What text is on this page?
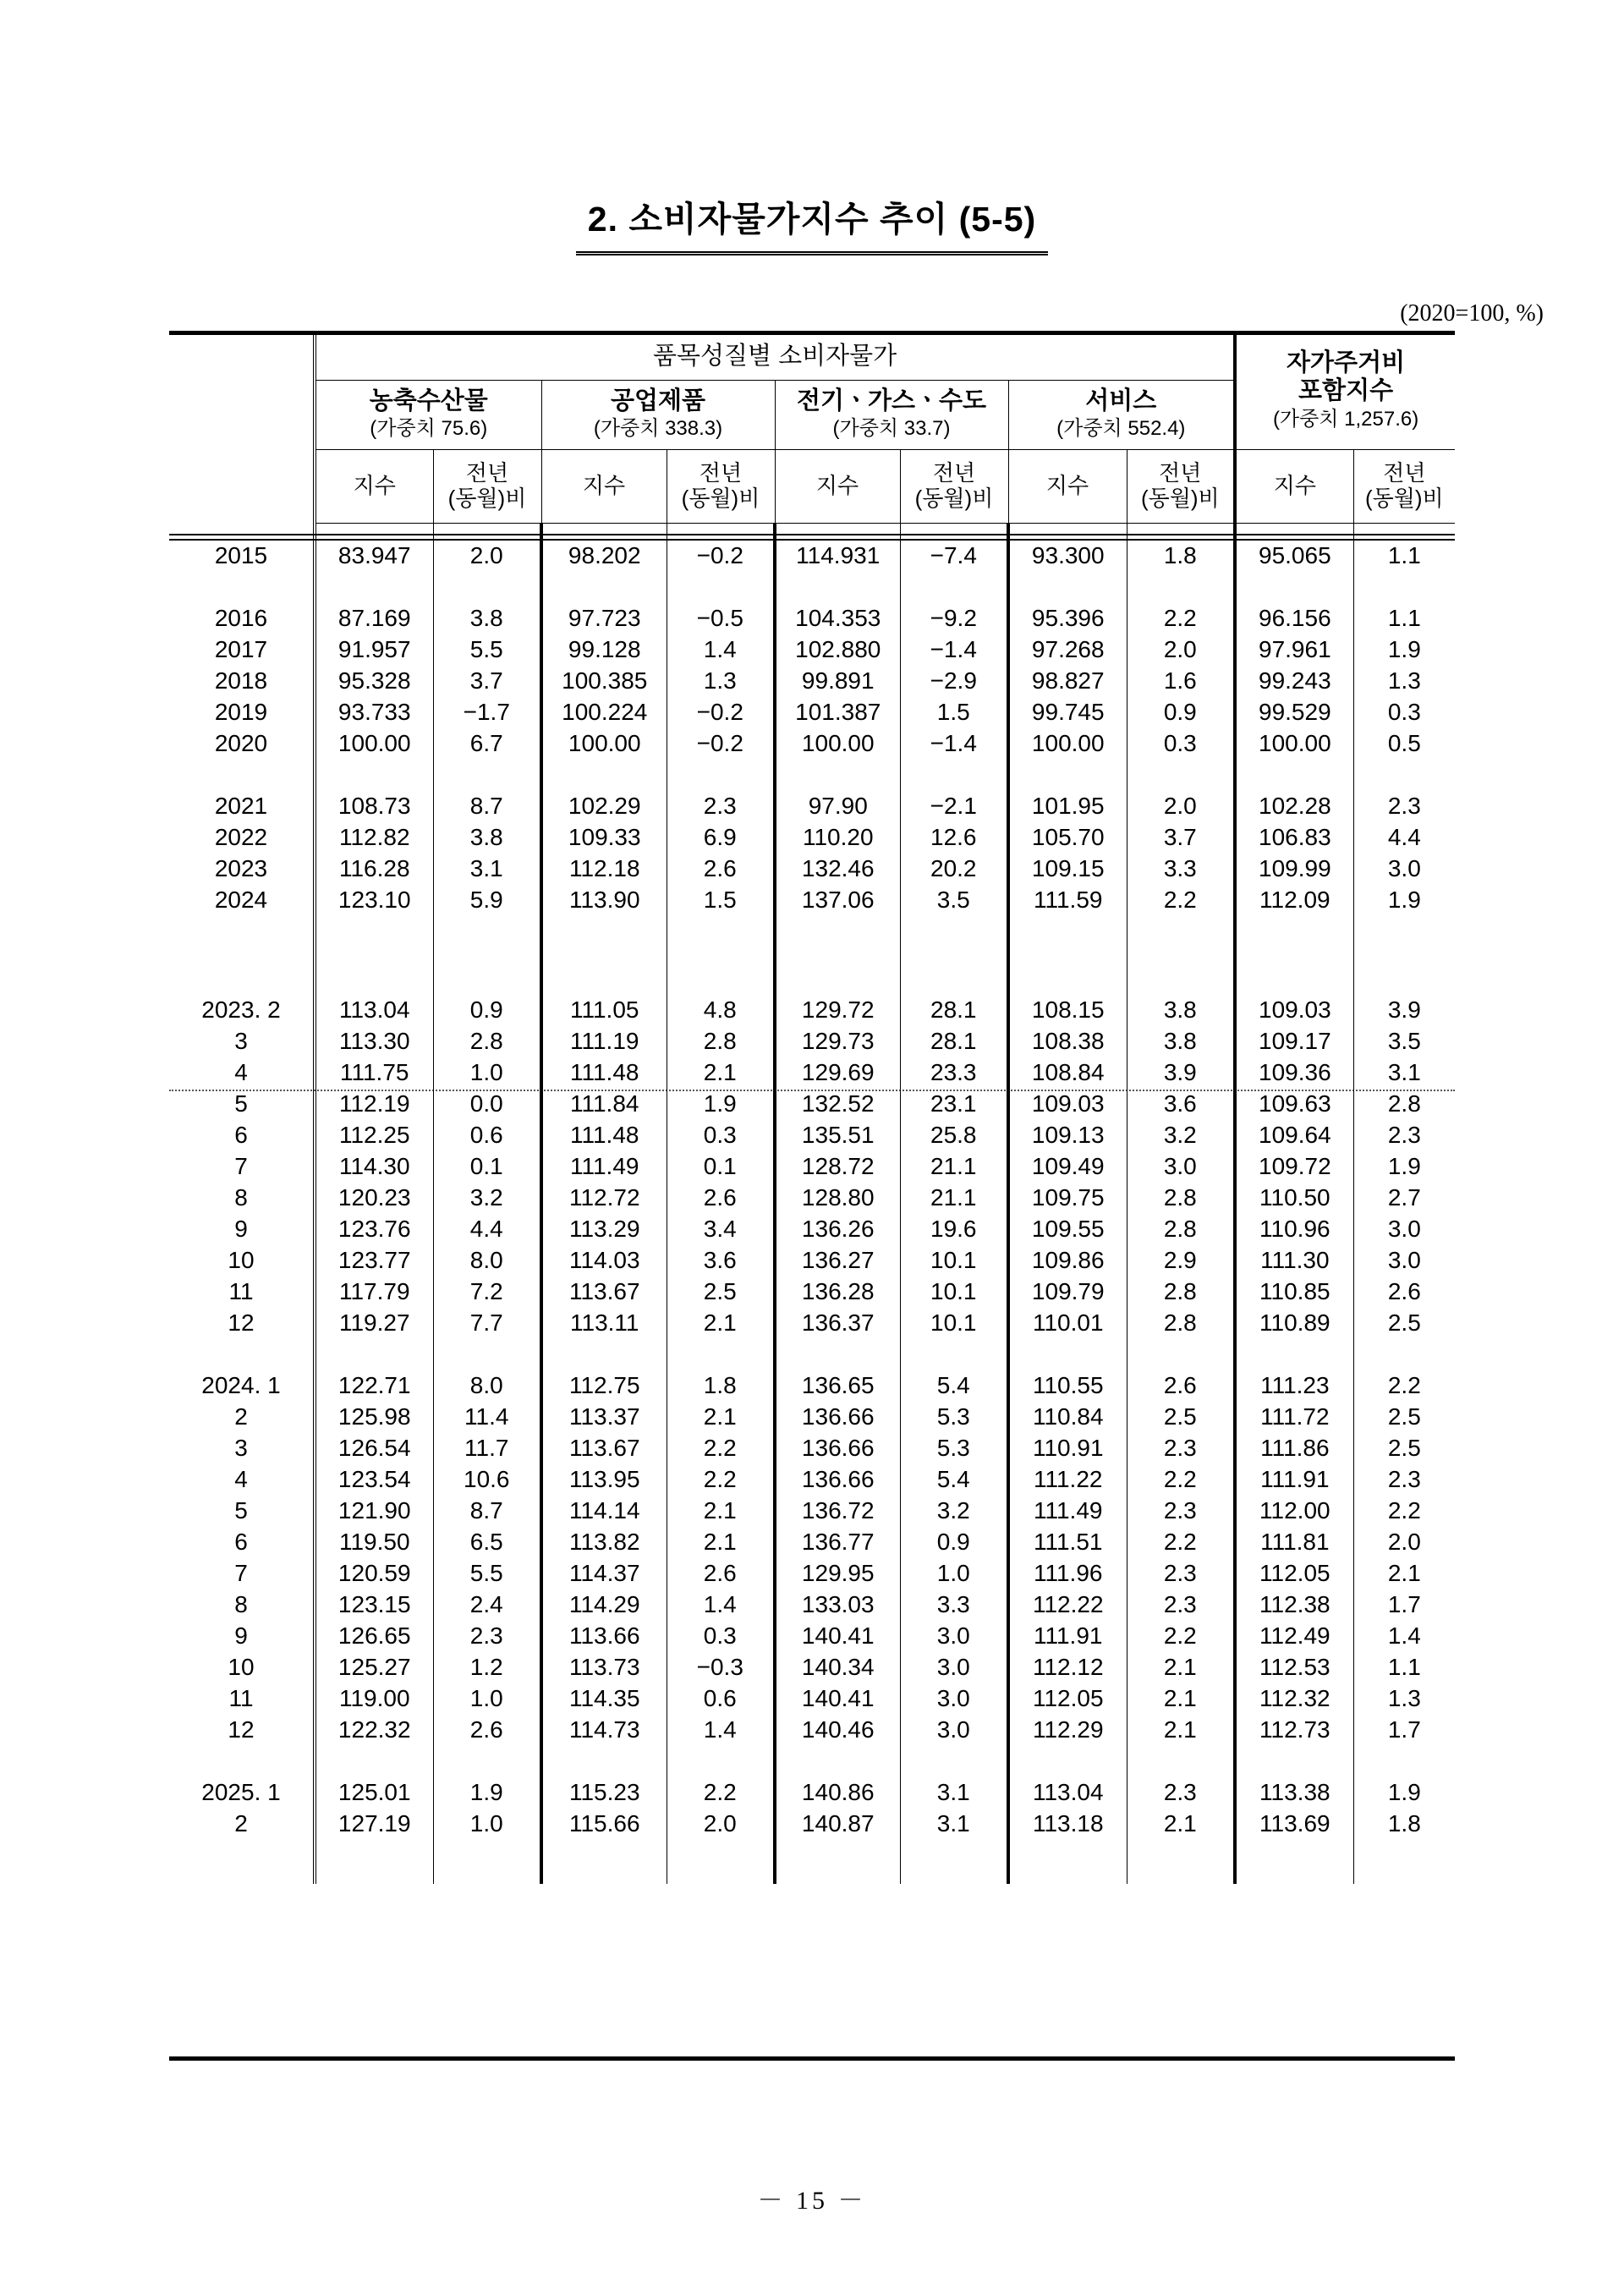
2. 소비자물가지수 추이 (5-5)
(2020=100, %)
	품목성질별 소비자물가								자가주거비
포함지수
(가중치 1,257.6)	
	농축수산물
(가중치 75.6)		공업제품
(가중치 338.3)		전기ㆍ가스ㆍ수도
(가중치 33.7)		서비스
(가중치 552.4)			
	지수	전년
(동월)비	지수	전년
(동월)비	지수	전년
(동월)비	지수	전년
(동월)비	지수	전년
(동월)비

2015	83.947	2.0	98.202	−0.2	114.931	−7.4	93.300	1.8	95.065	1.1

2016	87.169	3.8	97.723	−0.5	104.353	−9.2	95.396	2.2	96.156	1.1
2017	91.957	5.5	99.128	1.4	102.880	−1.4	97.268	2.0	97.961	1.9
2018	95.328	3.7	100.385	1.3	99.891	−2.9	98.827	1.6	99.243	1.3
2019	93.733	−1.7	100.224	−0.2	101.387	1.5	99.745	0.9	99.529	0.3
2020	100.00	6.7	100.00	−0.2	100.00	−1.4	100.00	0.3	100.00	0.5

2021	108.73	8.7	102.29	2.3	97.90	−2.1	101.95	2.0	102.28	2.3
2022	112.82	3.8	109.33	6.9	110.20	12.6	105.70	3.7	106.83	4.4
2023	116.28	3.1	112.18	2.6	132.46	20.2	109.15	3.3	109.99	3.0
2024	123.10	5.9	113.90	1.5	137.06	3.5	111.59	2.2	112.09	1.9

2023. 2	113.04	0.9	111.05	4.8	129.72	28.1	108.15	3.8	109.03	3.9
3	113.30	2.8	111.19	2.8	129.73	28.1	108.38	3.8	109.17	3.5
4	111.75	1.0	111.48	2.1	129.69	23.3	108.84	3.9	109.36	3.1
5	112.19	0.0	111.84	1.9	132.52	23.1	109.03	3.6	109.63	2.8
6	112.25	0.6	111.48	0.3	135.51	25.8	109.13	3.2	109.64	2.3
7	114.30	0.1	111.49	0.1	128.72	21.1	109.49	3.0	109.72	1.9
8	120.23	3.2	112.72	2.6	128.80	21.1	109.75	2.8	110.50	2.7
9	123.76	4.4	113.29	3.4	136.26	19.6	109.55	2.8	110.96	3.0
10	123.77	8.0	114.03	3.6	136.27	10.1	109.86	2.9	111.30	3.0
11	117.79	7.2	113.67	2.5	136.28	10.1	109.79	2.8	110.85	2.6
12	119.27	7.7	113.11	2.1	136.37	10.1	110.01	2.8	110.89	2.5

2024. 1	122.71	8.0	112.75	1.8	136.65	5.4	110.55	2.6	111.23	2.2
2	125.98	11.4	113.37	2.1	136.66	5.3	110.84	2.5	111.72	2.5
3	126.54	11.7	113.67	2.2	136.66	5.3	110.91	2.3	111.86	2.5
4	123.54	10.6	113.95	2.2	136.66	5.4	111.22	2.2	111.91	2.3
5	121.90	8.7	114.14	2.1	136.72	3.2	111.49	2.3	112.00	2.2
6	119.50	6.5	113.82	2.1	136.77	0.9	111.51	2.2	111.81	2.0
7	120.59	5.5	114.37	2.6	129.95	1.0	111.96	2.3	112.05	2.1
8	123.15	2.4	114.29	1.4	133.03	3.3	112.22	2.3	112.38	1.7
9	126.65	2.3	113.66	0.3	140.41	3.0	111.91	2.2	112.49	1.4
10	125.27	1.2	113.73	−0.3	140.34	3.0	112.12	2.1	112.53	1.1
11	119.00	1.0	114.35	0.6	140.41	3.0	112.05	2.1	112.32	1.3
12	122.32	2.6	114.73	1.4	140.46	3.0	112.29	2.1	112.73	1.7

2025. 1	125.01	1.9	115.23	2.2	140.86	3.1	113.04	2.3	113.38	1.9
2	127.19	1.0	115.66	2.0	140.87	3.1	113.18	2.1	113.69	1.8

－ 15 －
